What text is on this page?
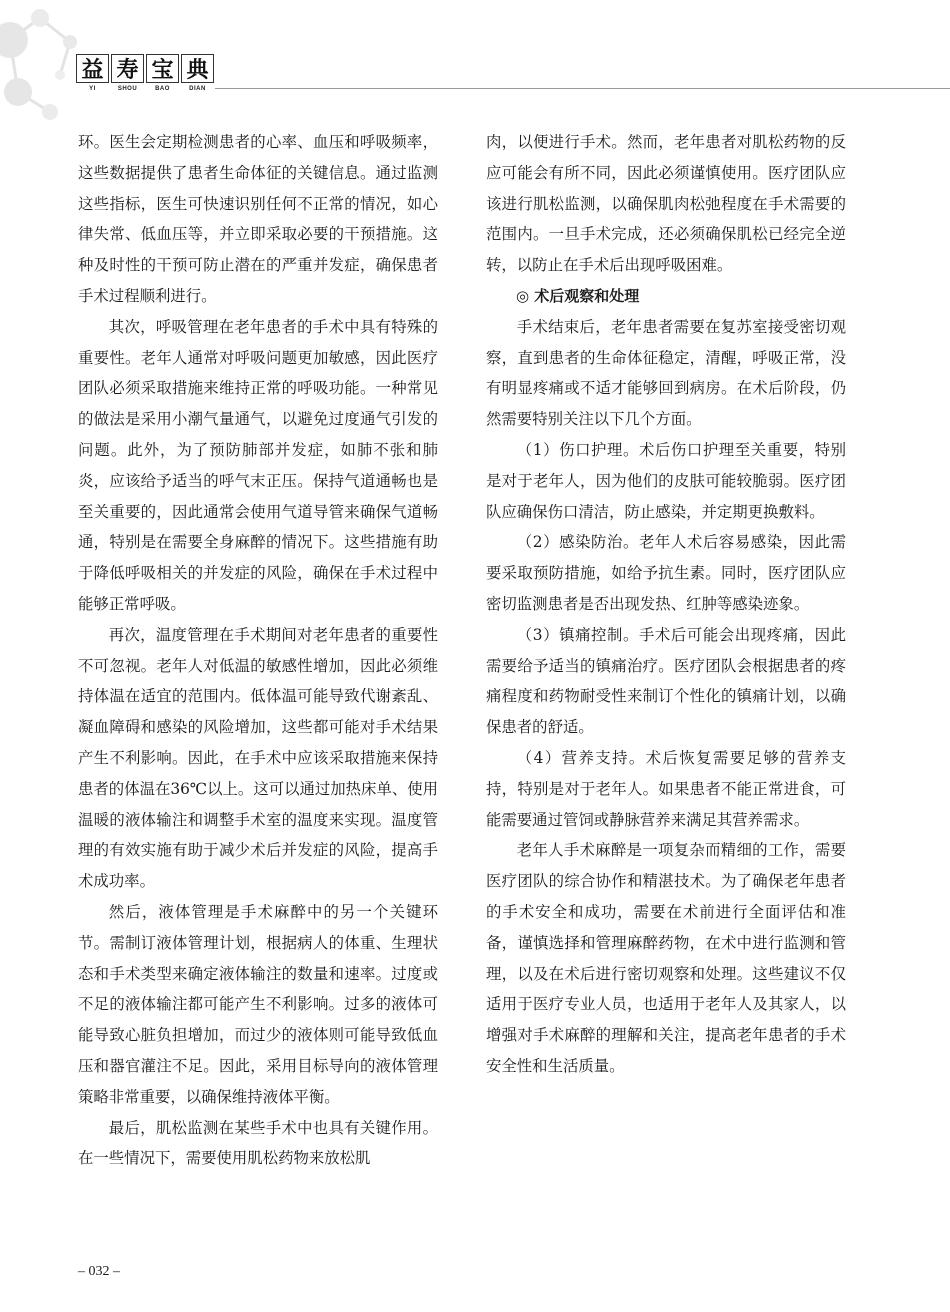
益 寿 宝 典
YI	SHOU	BAO	DIAN

环。医生会定期检测患者的心率、血压和呼吸频率，这些数据提供了患者生命体征的关键信息。通过监测这些指标，医生可快速识别任何不正常的情况，如心律失常、低血压等，并立即采取必要的干预措施。这种及时性的干预可防止潜在的严重并发症，确保患者手术过程顺利进行。

其次，呼吸管理在老年患者的手术中具有特殊的重要性。老年人通常对呼吸问题更加敏感，因此医疗团队必须采取措施来维持正常的呼吸功能。一种常见的做法是采用小潮气量通气，以避免过度通气引发的问题。此外，为了预防肺部并发症，如肺不张和肺炎，应该给予适当的呼气末正压。保持气道通畅也是至关重要的，因此通常会使用气道导管来确保气道畅通，特别是在需要全身麻醉的情况下。这些措施有助于降低呼吸相关的并发症的风险，确保在手术过程中能够正常呼吸。

再次，温度管理在手术期间对老年患者的重要性不可忽视。老年人对低温的敏感性增加，因此必须维持体温在适宜的范围内。低体温可能导致代谢紊乱、凝血障碍和感染的风险增加，这些都可能对手术结果产生不利影响。因此，在手术中应该采取措施来保持患者的体温在36℃以上。这可以通过加热床单、使用温暖的液体输注和调整手术室的温度来实现。温度管理的有效实施有助于减少术后并发症的风险，提高手术成功率。

然后，液体管理是手术麻醉中的另一个关键环节。需制订液体管理计划，根据病人的体重、生理状态和手术类型来确定液体输注的数量和速率。过度或不足的液体输注都可能产生不利影响。过多的液体可能导致心脏负担增加，而过少的液体则可能导致低血压和器官灌注不足。因此，采用目标导向的液体管理策略非常重要，以确保维持液体平衡。

最后，肌松监测在某些手术中也具有关键作用。在一些情况下，需要使用肌松药物来放松肌

肉，以便进行手术。然而，老年患者对肌松药物的反应可能会有所不同，因此必须谨慎使用。医疗团队应该进行肌松监测，以确保肌肉松弛程度在手术需要的范围内。一旦手术完成，还必须确保肌松已经完全逆转，以防止在手术后出现呼吸困难。

◎ 术后观察和处理

手术结束后，老年患者需要在复苏室接受密切观察，直到患者的生命体征稳定，清醒，呼吸正常，没有明显疼痛或不适才能够回到病房。在术后阶段，仍然需要特别关注以下几个方面。

（1）伤口护理。术后伤口护理至关重要，特别是对于老年人，因为他们的皮肤可能较脆弱。医疗团队应确保伤口清洁，防止感染，并定期更换敷料。

（2）感染防治。老年人术后容易感染，因此需要采取预防措施，如给予抗生素。同时，医疗团队应密切监测患者是否出现发热、红肿等感染迹象。

（3）镇痛控制。手术后可能会出现疼痛，因此需要给予适当的镇痛治疗。医疗团队会根据患者的疼痛程度和药物耐受性来制订个性化的镇痛计划，以确保患者的舒适。

（4）营养支持。术后恢复需要足够的营养支持，特别是对于老年人。如果患者不能正常进食，可能需要通过管饲或静脉营养来满足其营养需求。

老年人手术麻醉是一项复杂而精细的工作，需要医疗团队的综合协作和精湛技术。为了确保老年患者的手术安全和成功，需要在术前进行全面评估和准备，谨慎选择和管理麻醉药物，在术中进行监测和管理，以及在术后进行密切观察和处理。这些建议不仅适用于医疗专业人员，也适用于老年人及其家人，以增强对手术麻醉的理解和关注，提高老年患者的手术安全性和生活质量。

– 032 –
